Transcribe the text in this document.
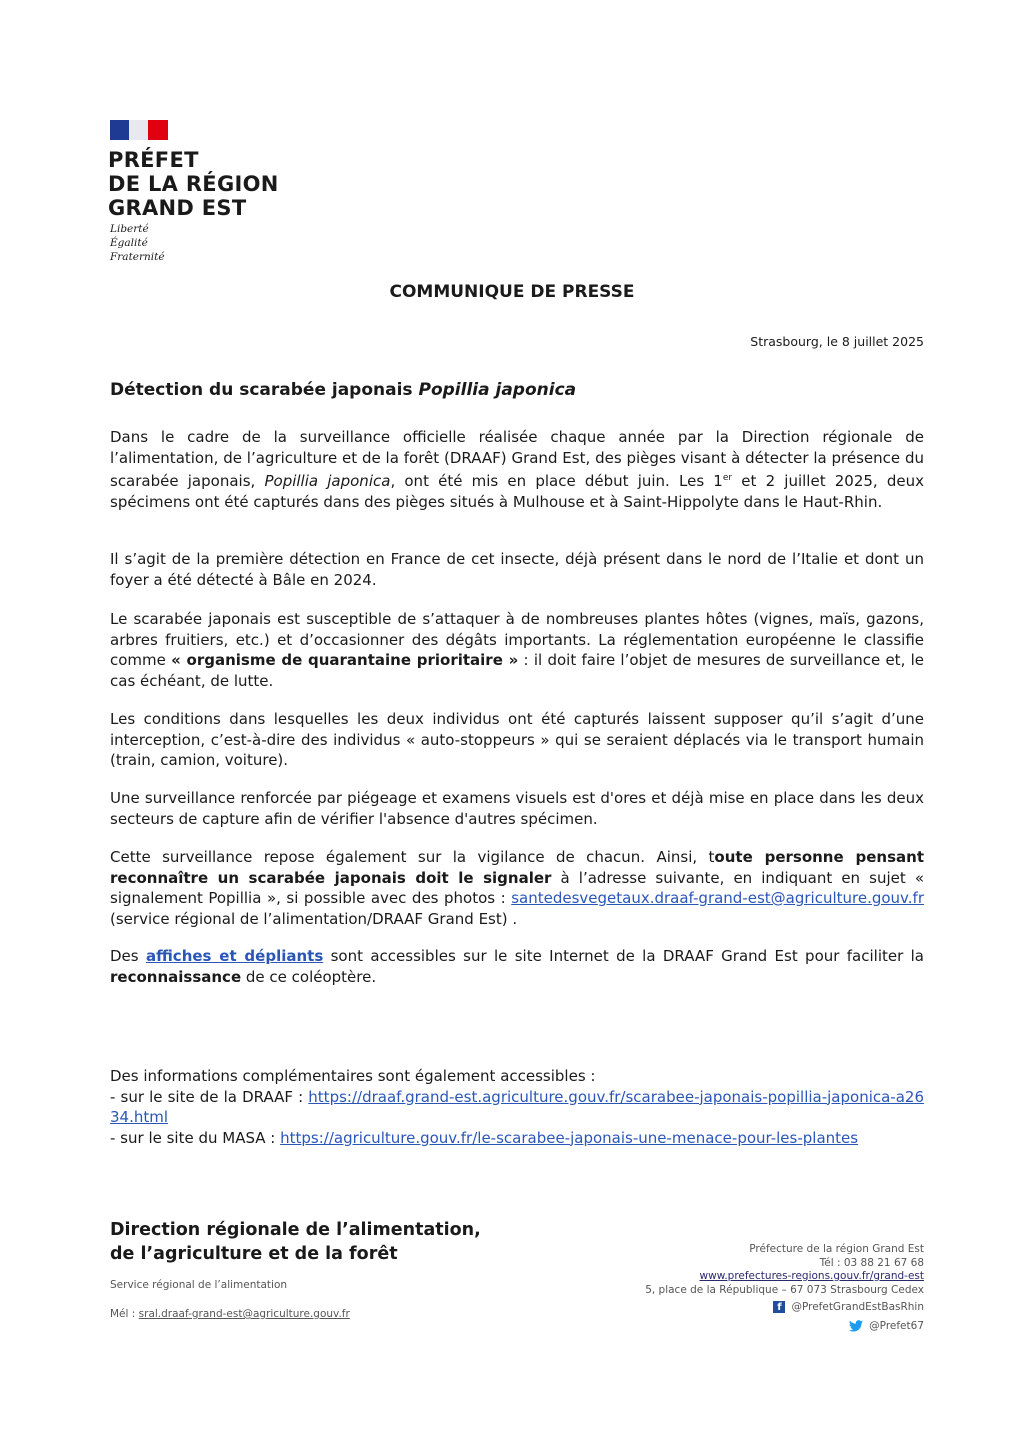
PRÉFET
DE LA RÉGION
GRAND EST
Liberté
Égalité
Fraternité
COMMUNIQUE DE PRESSE
Strasbourg, le 8 juillet 2025
Détection du scarabée japonais Popillia japonica

Dans le cadre de la surveillance officielle réalisée chaque année par la Direction régionale de l’alimentation, de l’agriculture et de la forêt (DRAAF) Grand Est, des pièges visant à détecter la présence du scarabée japonais, Popillia japonica, ont été mis en place début juin. Les 1er et 2 juillet 2025, deux spécimens ont été capturés dans des pièges situés à Mulhouse et à Saint-Hippolyte dans le Haut-Rhin.

Il s’agit de la première détection en France de cet insecte, déjà présent dans le nord de l’Italie et dont un foyer a été détecté à Bâle en 2024.

Le scarabée japonais est susceptible de s’attaquer à de nombreuses plantes hôtes (vignes, maïs, gazons, arbres fruitiers, etc.) et d’occasionner des dégâts importants. La réglementation européenne le classifie comme « organisme de quarantaine prioritaire » : il doit faire l’objet de mesures de surveillance et, le cas échéant, de lutte.

Les conditions dans lesquelles les deux individus ont été capturés laissent supposer qu’il s’agit d’une interception, c’est-à-dire des individus « auto-stoppeurs » qui se seraient déplacés via le transport humain (train, camion, voiture).

Une surveillance renforcée par piégeage et examens visuels est d'ores et déjà mise en place dans les deux secteurs de capture afin de vérifier l'absence d'autres spécimen.

Cette surveillance repose également sur la vigilance de chacun. Ainsi, toute personne pensant reconnaître un scarabée japonais doit le signaler à l’adresse suivante, en indiquant en sujet « signalement Popillia », si possible avec des photos : santedesvegetaux.draaf-grand-est@agriculture.gouv.fr (service régional de l’alimentation/DRAAF Grand Est) .

Des affiches et dépliants sont accessibles sur le site Internet de la DRAAF Grand Est pour faciliter la reconnaissance de ce coléoptère.

Des informations complémentaires sont également accessibles :
- sur le site de la DRAAF : https://draaf.grand-est.agriculture.gouv.fr/scarabee-japonais-popillia-japonica-a2634.html
- sur le site du MASA : https://agriculture.gouv.fr/le-scarabee-japonais-une-menace-pour-les-plantes
Direction régionale de l’alimentation,
de l’agriculture et de la forêt
Service régional de l’alimentation
Mél : sral.draaf-grand-est@agriculture.gouv.fr
Préfecture de la région Grand Est
Tél : 03 88 21 67 68
www.prefectures-regions.gouv.fr/grand-est
5, place de la République – 67 073 Strasbourg Cedex
f @PrefetGrandEstBasRhin
@Prefet67
